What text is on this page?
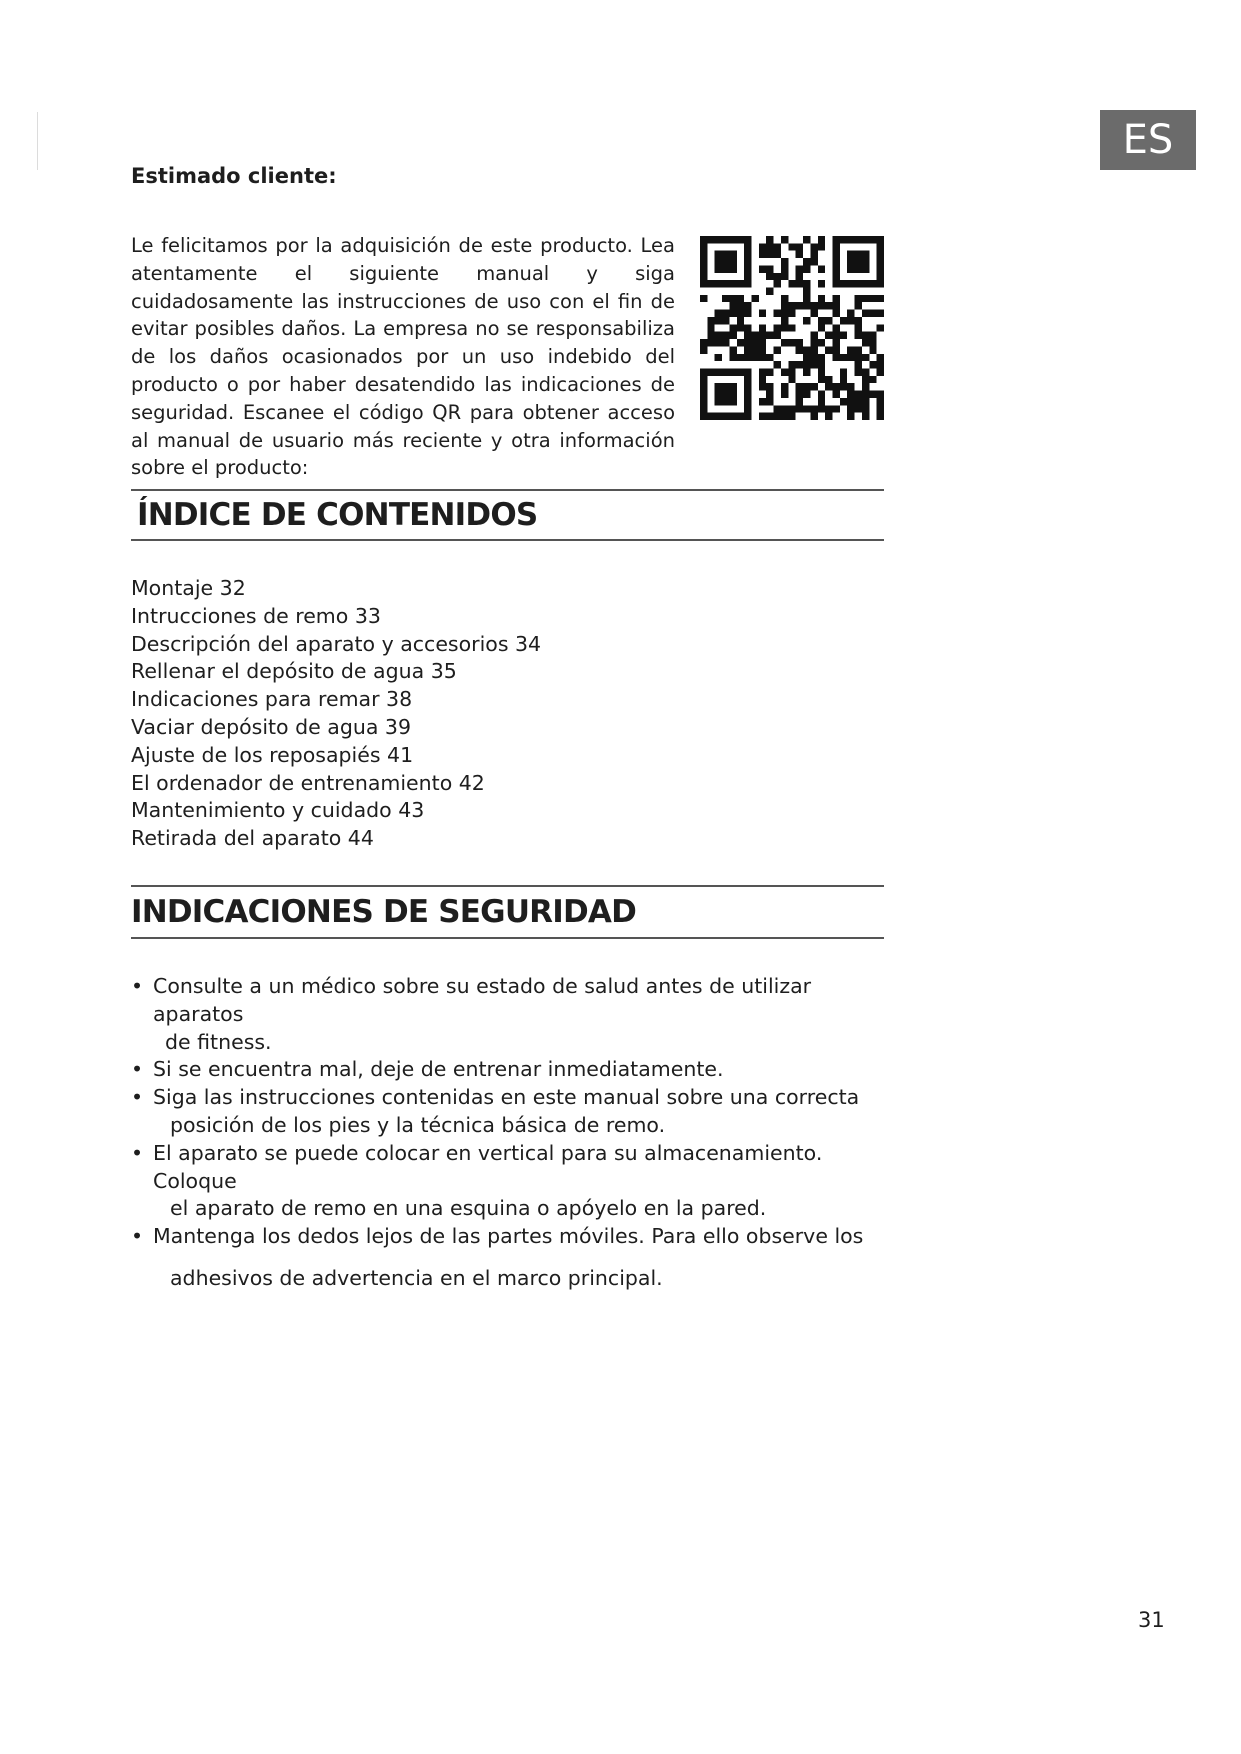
ES
Estimado cliente:

Le felicitamos por la adquisición de este producto. Lea atentamente el siguiente manual y siga cuidadosamente las instrucciones de uso con el fin de evitar posibles daños. La empresa no se responsabiliza de los daños ocasionados por un uso indebido del producto o por haber desatendido las indicaciones de seguridad. Escanee el código QR para obtener acceso al manual de usuario más reciente y otra información sobre el producto:

ÍNDICE DE CONTENIDOS
Montaje 32
Intrucciones de remo 33
Descripción del aparato y accesorios 34
Rellenar el depósito de agua 35
Indicaciones para remar 38
Vaciar depósito de agua 39
Ajuste de los reposapiés 41
El ordenador de entrenamiento 42
Mantenimiento y cuidado 43
Retirada del aparato 44
INDICACIONES DE SEGURIDAD
• Consulte a un médico sobre su estado de salud antes de utilizar aparatos
de fitness.
• Si se encuentra mal, deje de entrenar inmediatamente.
• Siga las instrucciones contenidas en este manual sobre una correcta
posición de los pies y la técnica básica de remo.
• El aparato se puede colocar en vertical para su almacenamiento. Coloque
el aparato de remo en una esquina o apóyelo en la pared.
• Mantenga los dedos lejos de las partes móviles. Para ello observe los
adhesivos de advertencia en el marco principal.
31
